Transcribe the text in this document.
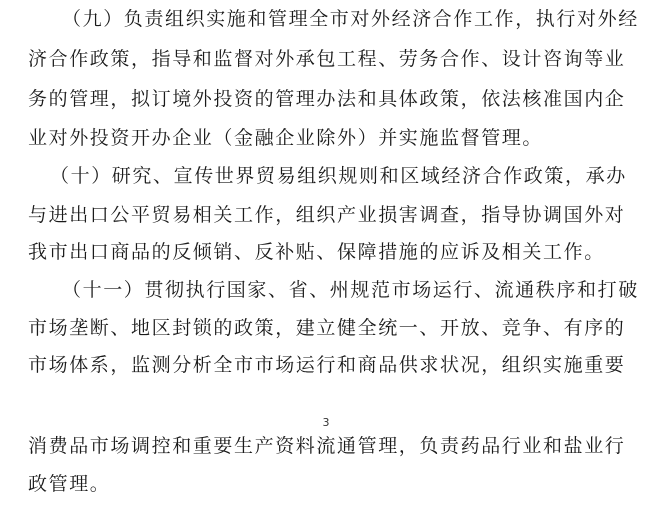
（九）负责组织实施和管理全市对外经济合作工作，执行对外经
济合作政策，指导和监督对外承包工程、劳务合作、设计咨询等业
务的管理，拟订境外投资的管理办法和具体政策，依法核准国内企
业对外投资开办企业（金融企业除外）并实施监督管理。
（十）研究、宣传世界贸易组织规则和区域经济合作政策，承办
与进出口公平贸易相关工作，组织产业损害调查，指导协调国外对
我市出口商品的反倾销、反补贴、保障措施的应诉及相关工作。
（十一）贯彻执行国家、省、州规范市场运行、流通秩序和打破
市场垄断、地区封锁的政策，建立健全统一、开放、竞争、有序的
市场体系，监测分析全市市场运行和商品供求状况，组织实施重要
3
消费品市场调控和重要生产资料流通管理，负责药品行业和盐业行
政管理。
